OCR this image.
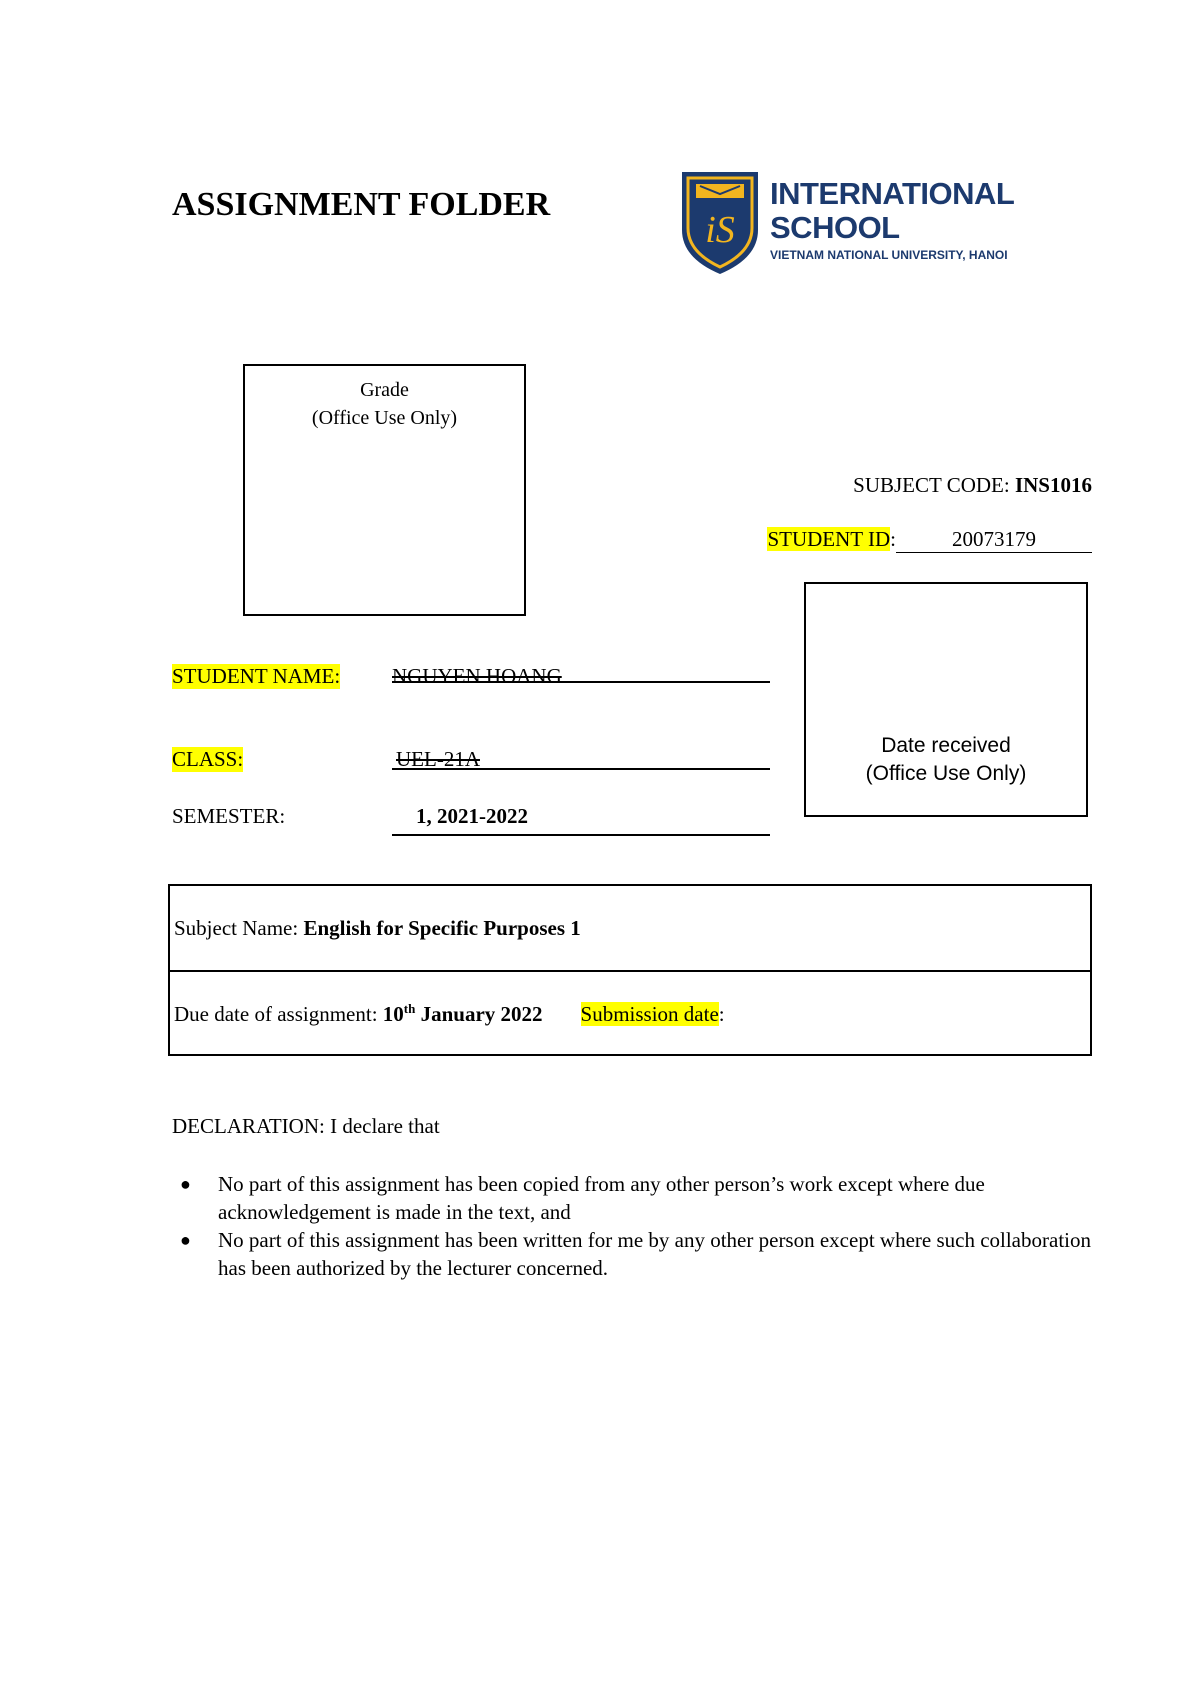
ASSIGNMENT FOLDER
iS
INTERNATIONAL
SCHOOL
VIETNAM NATIONAL UNIVERSITY, HANOI
Grade
(Office Use Only)
SUBJECT CODE: INS1016
STUDENT ID:	20073179
Date received
(Office Use Only)
STUDENT NAME: NGUYEN HOANG
CLASS:	UEL-21A
SEMESTER:	1, 2021-2022
Subject Name: English for Specific Purposes 1
Due date of assignment: 10th January 2022 Submission date:
DECLARATION: I declare that
● No part of this assignment has been copied from any other person’s work except where due acknowledgement is made in the text, and
● No part of this assignment has been written for me by any other person except where such collaboration has been authorized by the lecturer concerned.
